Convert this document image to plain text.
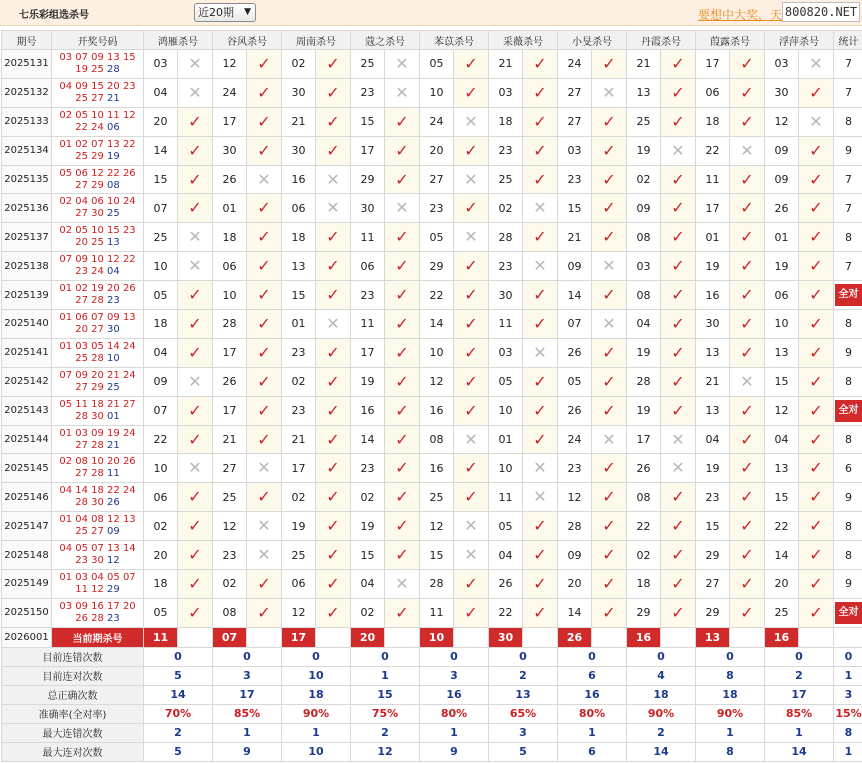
七乐彩组选杀号	近20期 ▼	要想中大奖，天 800820.NET
期号	开奖号码	鸿雁杀号		谷风杀号		周南杀号		蔻之杀号		苯苡杀号		采薇杀号		小旻杀号		丹霞杀号		葭露杀号		浮萍杀号		统计
2025131	03 07 09 13 15
19 25 28	03	✕	12	✓	02	✓	25	✕	05	✓	21	✓	24	✓	21	✓	17	✓	03	✕	7
2025132	04 09 15 20 23
25 27 21	04	✕	24	✓	30	✓	23	✕	10	✓	03	✓	27	✕	13	✓	06	✓	30	✓	7
2025133	02 05 10 11 12
22 24 06	20	✓	17	✓	21	✓	15	✓	24	✕	18	✓	27	✓	25	✓	18	✓	12	✕	8
2025134	01 02 07 13 22
25 29 19	14	✓	30	✓	30	✓	17	✓	20	✓	23	✓	03	✓	19	✕	22	✕	09	✓	9
2025135	05 06 12 22 26
27 29 08	15	✓	26	✕	16	✕	29	✓	27	✕	25	✓	23	✓	02	✓	11	✓	09	✓	7
2025136	02 04 06 10 24
27 30 25	07	✓	01	✓	06	✕	30	✕	23	✓	02	✕	15	✓	09	✓	17	✓	26	✓	7
2025137	02 05 10 15 23
20 25 13	25	✕	18	✓	18	✓	11	✓	05	✕	28	✓	21	✓	08	✓	01	✓	01	✓	8
2025138	07 09 10 12 22
23 24 04	10	✕	06	✓	13	✓	06	✓	29	✓	23	✕	09	✕	03	✓	19	✓	19	✓	7
2025139	01 02 19 20 26
27 28 23	05	✓	10	✓	15	✓	23	✓	22	✓	30	✓	14	✓	08	✓	16	✓	06	✓	全对
2025140	01 06 07 09 13
20 27 30	18	✓	28	✓	01	✕	11	✓	14	✓	11	✓	07	✕	04	✓	30	✓	10	✓	8
2025141	01 03 05 14 24
25 28 10	04	✓	17	✓	23	✓	17	✓	10	✓	03	✕	26	✓	19	✓	13	✓	13	✓	9
2025142	07 09 20 21 24
27 29 25	09	✕	26	✓	02	✓	19	✓	12	✓	05	✓	05	✓	28	✓	21	✕	15	✓	8
2025143	05 11 18 21 27
28 30 01	07	✓	17	✓	23	✓	16	✓	16	✓	10	✓	26	✓	19	✓	13	✓	12	✓	全对
2025144	01 03 09 19 24
27 28 21	22	✓	21	✓	21	✓	14	✓	08	✕	01	✓	24	✕	17	✕	04	✓	04	✓	8
2025145	02 08 10 20 26
27 28 11	10	✕	27	✕	17	✓	23	✓	16	✓	10	✕	23	✓	26	✕	19	✓	13	✓	6
2025146	04 14 18 22 24
28 30 26	06	✓	25	✓	02	✓	02	✓	25	✓	11	✕	12	✓	08	✓	23	✓	15	✓	9
2025147	01 04 08 12 13
25 27 09	02	✓	12	✕	19	✓	19	✓	12	✕	05	✓	28	✓	22	✓	15	✓	22	✓	8
2025148	04 05 07 13 14
23 30 12	20	✓	23	✕	25	✓	15	✓	15	✕	04	✓	09	✓	02	✓	29	✓	14	✓	8
2025149	01 03 04 05 07
11 12 29	18	✓	02	✓	06	✓	04	✕	28	✓	26	✓	20	✓	18	✓	27	✓	20	✓	9
2025150	03 09 16 17 20
26 28 23	05	✓	08	✓	12	✓	02	✓	11	✓	22	✓	14	✓	29	✓	29	✓	25	✓	全对
2026001	当前期杀号	11		07		17		20		10		30		26		16		13		16		
目前连错次数		0		0		0		0		0		0		0		0		0		0		0
目前连对次数		5		3		10		1		3		2		6		4		8		2		1
总正确次数		14		17		18		15		16		13		16		18		18		17		3
准确率(全对率)		70%		85%		90%		75%		80%		65%		80%		90%		90%		85%		15%
最大连错次数		2		1		1		2		1		3		1		2		1		1		8
最大连对次数		5		9		10		12		9		5		6		14		8		14		1
